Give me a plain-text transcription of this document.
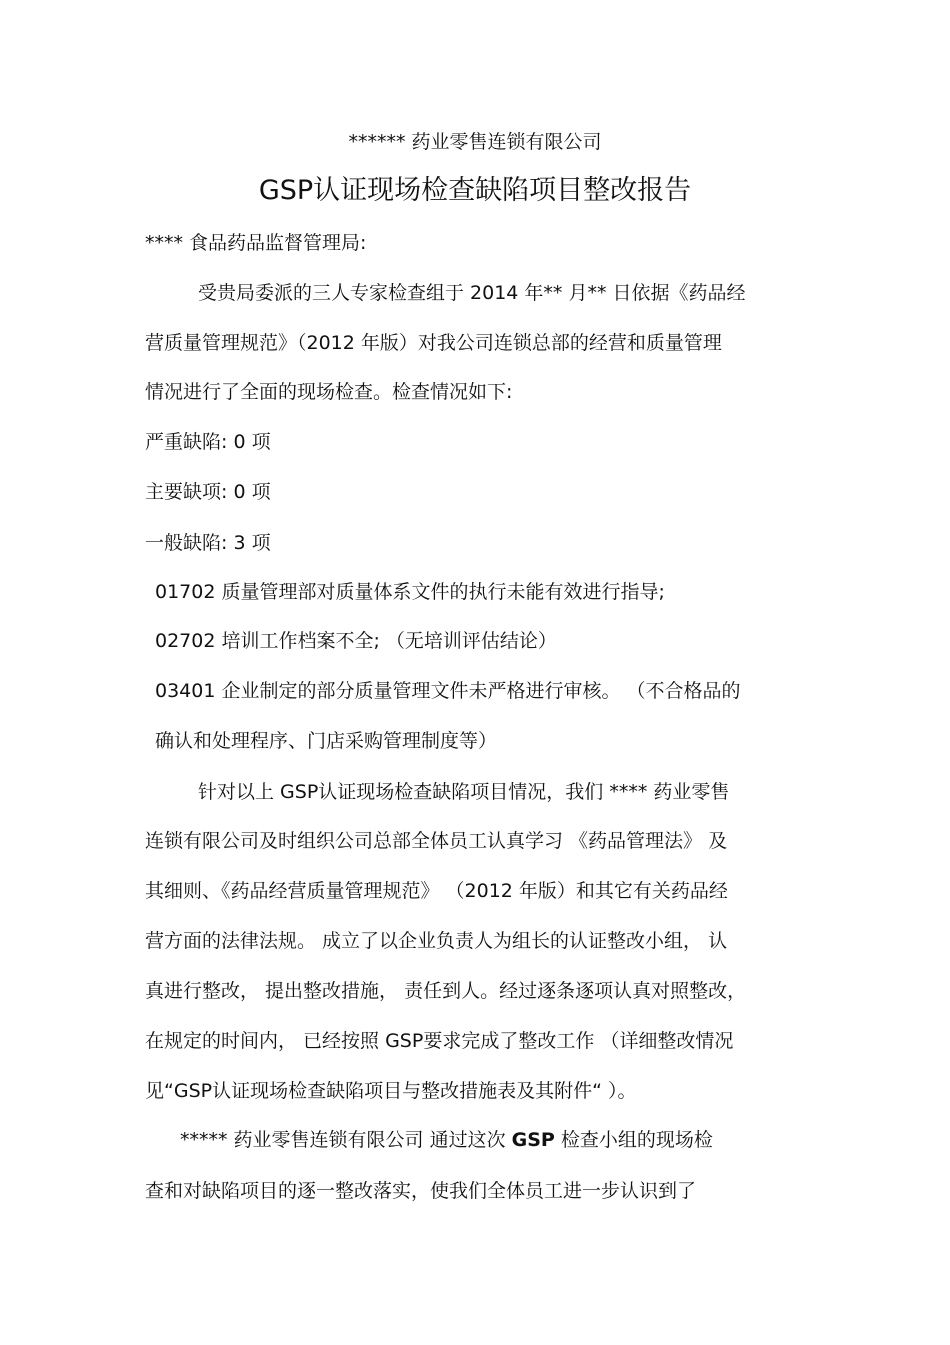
****** 药业零售连锁有限公司
GSP认证现场检查缺陷项目整改报告
**** 食品药品监督管理局:
受贵局委派的三人专家检查组于 2014 年** 月** 日依据《药品经
营质量管理规范》（2012 年版）对我公司连锁总部的经营和质量管理
情况进行了全面的现场检查。检查情况如下:
严重缺陷: 0 项
主要缺项: 0 项
一般缺陷: 3 项
01702 质量管理部对质量体系文件的执行未能有效进行指导;
02702 培训工作档案不全; （无培训评估结论）
03401 企业制定的部分质量管理文件未严格进行审核。 （不合格品的
确认和处理程序、门店采购管理制度等）
针对以上 GSP认证现场检查缺陷项目情况，我们 **** 药业零售
连锁有限公司及时组织公司总部全体员工认真学习 《药品管理法》 及
其细则、《药品经营质量管理规范》 （2012 年版）和其它有关药品经
营方面的法律法规。 成立了以企业负责人为组长的认证整改小组， 认
真进行整改， 提出整改措施， 责任到人。经过逐条逐项认真对照整改，
在规定的时间内， 已经按照 GSP要求完成了整改工作 （详细整改情况
见“GSP认证现场检查缺陷项目与整改措施表及其附件“ ）。
***** 药业零售连锁有限公司 通过这次 GSP 检查小组的现场检
查和对缺陷项目的逐一整改落实，使我们全体员工进一步认识到了
